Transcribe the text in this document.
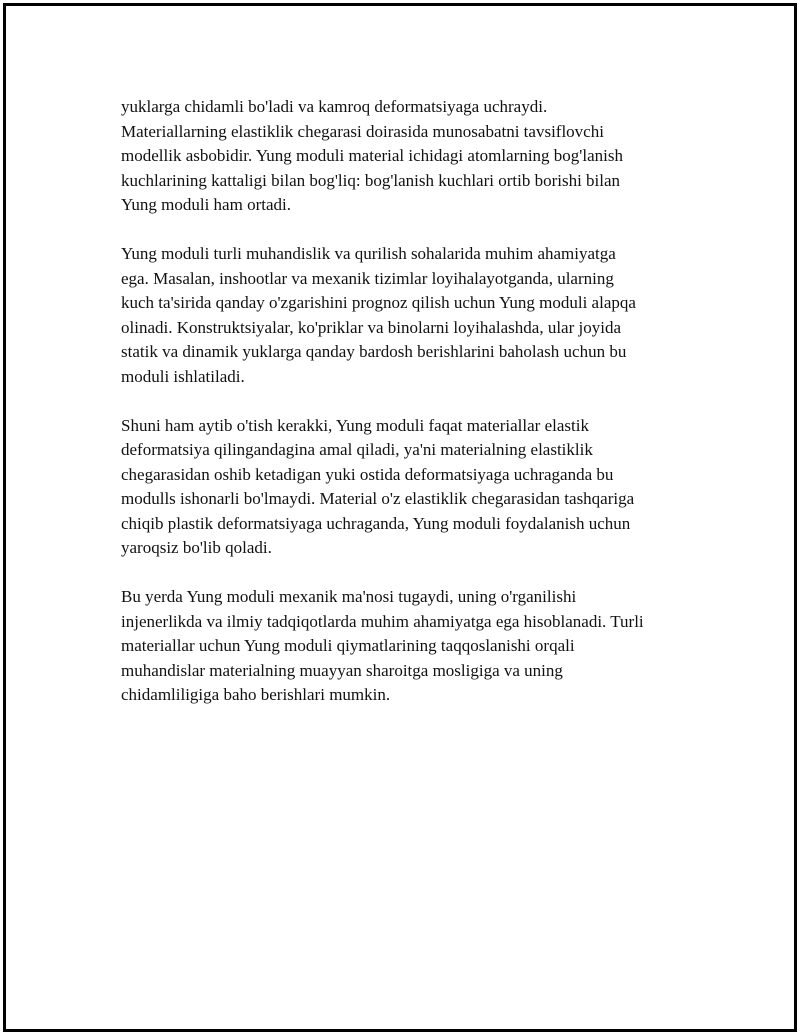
yuklarga chidamli bo'ladi va kamroq deformatsiyaga uchraydi.
Materiallarning elastiklik chegarasi doirasida munosabatni tavsiflovchi
modellik asbobidir. Yung moduli material ichidagi atomlarning bog'lanish
kuchlarining kattaligi bilan bog'liq: bog'lanish kuchlari ortib borishi bilan
Yung moduli ham ortadi.

Yung moduli turli muhandislik va qurilish sohalarida muhim ahamiyatga
ega. Masalan, inshootlar va mexanik tizimlar loyihalayotganda, ularning
kuch ta'sirida qanday o'zgarishini prognoz qilish uchun Yung moduli alapqa
olinadi. Konstruktsiyalar, ko'priklar va binolarni loyihalashda, ular joyida
statik va dinamik yuklarga qanday bardosh berishlarini baholash uchun bu
moduli ishlatiladi.

Shuni ham aytib o'tish kerakki, Yung moduli faqat materiallar elastik
deformatsiya qilingandagina amal qiladi, ya'ni materialning elastiklik
chegarasidan oshib ketadigan yuki ostida deformatsiyaga uchraganda bu
modulls ishonarli bo'lmaydi. Material o'z elastiklik chegarasidan tashqariga
chiqib plastik deformatsiyaga uchraganda, Yung moduli foydalanish uchun
yaroqsiz bo'lib qoladi.

Bu yerda Yung moduli mexanik ma'nosi tugaydi, uning o'rganilishi
injenerlikda va ilmiy tadqiqotlarda muhim ahamiyatga ega hisoblanadi. Turli
materiallar uchun Yung moduli qiymatlarining taqqoslanishi orqali
muhandislar materialning muayyan sharoitga mosligiga va uning
chidamliligiga baho berishlari mumkin.
